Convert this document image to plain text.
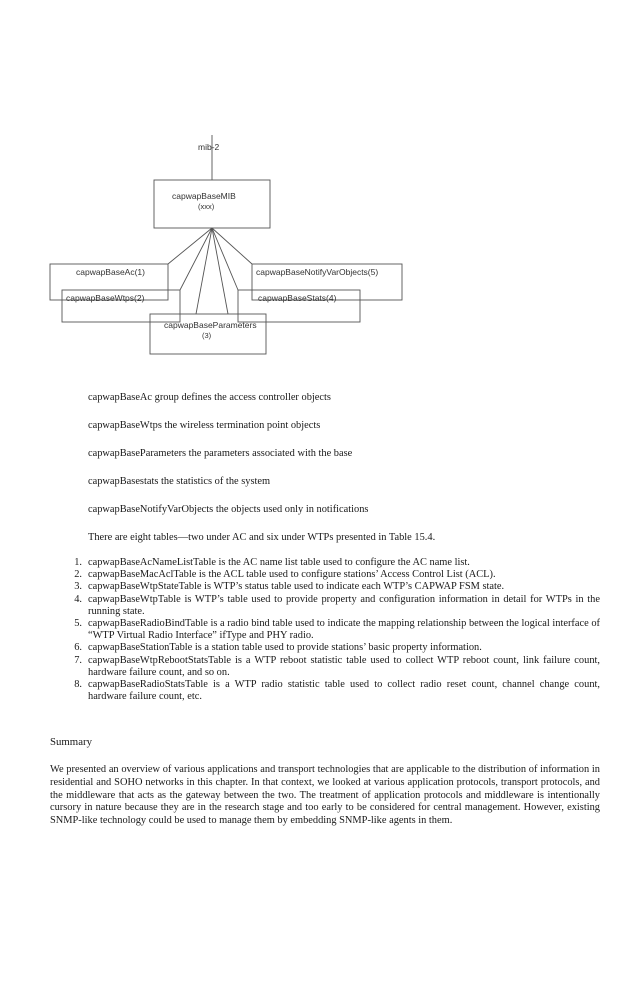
mib-2
capwapBaseMIB
(xxx)
capwapBaseAc(1)	capwapBaseNotifyVarObjects(5)
capwapBaseWtps(2)	capwapBaseStats(4)
capwapBaseParameters
(3)

capwapBaseAc group defines the access controller objects

capwapBaseWtps the wireless termination point objects

capwapBaseParameters the parameters associated with the base

capwapBasestats the statistics of the system

capwapBaseNotifyVarObjects the objects used only in notifications

There are eight tables—two under AC and six under WTPs presented in Table 15.4.

1. capwapBaseAcNameListTable is the AC name list table used to configure the AC name list.
2. capwapBaseMacAclTable is the ACL table used to configure stations’ Access Control List (ACL).
3. capwapBaseWtpStateTable is WTP’s status table used to indicate each WTP’s CAPWAP FSM state.
4. capwapBaseWtpTable is WTP’s table used to provide property and configuration information in detail for WTPs in the running state.
5. capwapBaseRadioBindTable is a radio bind table used to indicate the mapping relationship between the logical interface of “WTP Virtual Radio Interface” ifType and PHY radio.
6. capwapBaseStationTable is a station table used to provide stations’ basic property information.
7. capwapBaseWtpRebootStatsTable is a WTP reboot statistic table used to collect WTP reboot count, link failure count, hardware failure count, and so on.
8. capwapBaseRadioStatsTable is a WTP radio statistic table used to collect radio reset count, channel change count, hardware failure count, etc.
Summary

We presented an overview of various applications and transport technologies that are applicable to the distribution of information in residential and SOHO networks in this chapter. In that context, we looked at various application protocols, transport protocols, and the middleware that acts as the gateway between the two. The treatment of application protocols and middleware is intentionally cursory in nature because they are in the research stage and too early to be considered for central management. However, existing SNMP-like technology could be used to manage them by embedding SNMP-like agents in them.
